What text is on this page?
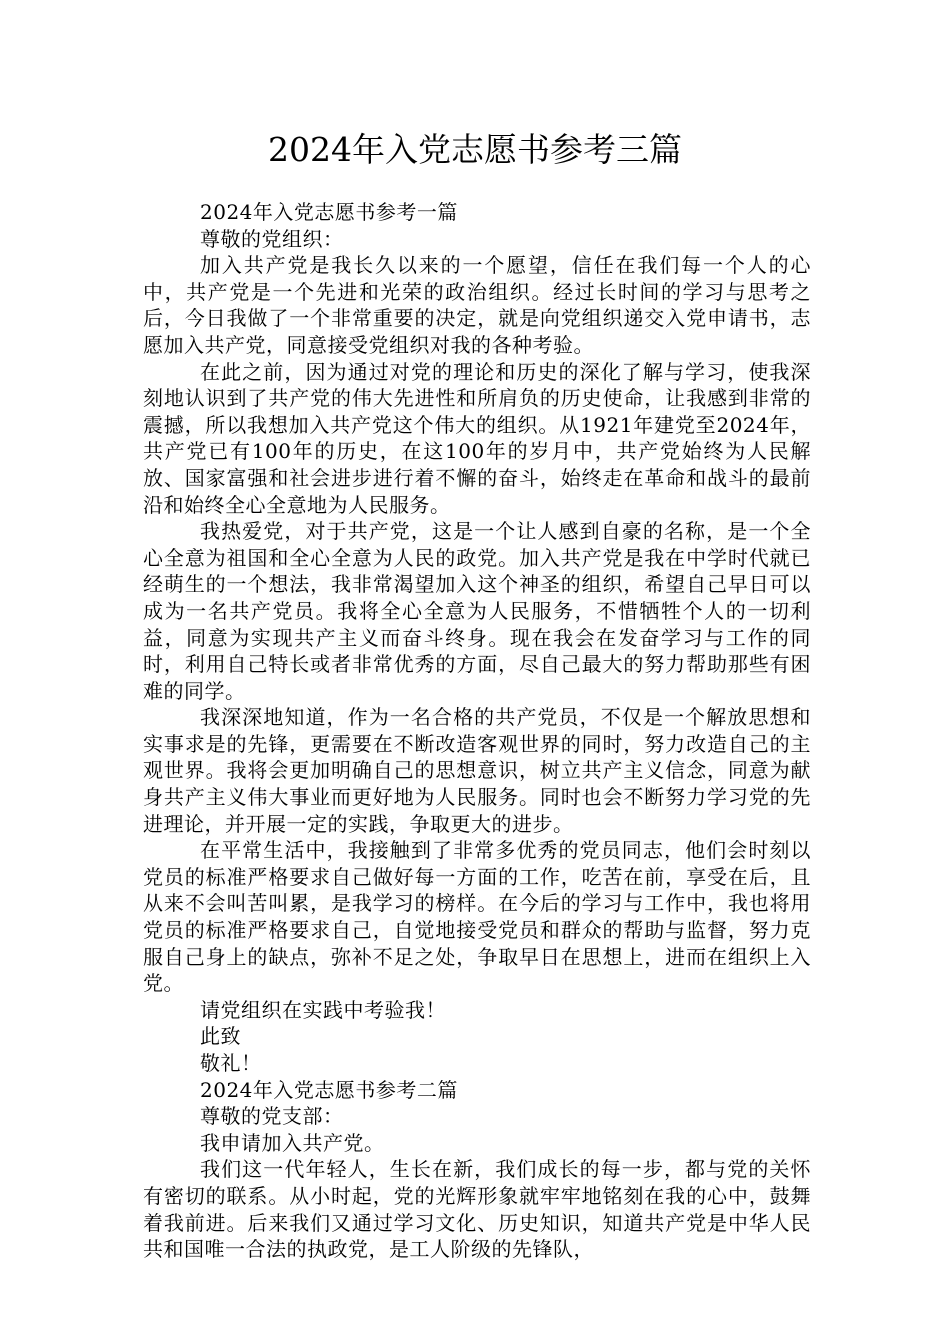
2024年入党志愿书参考三篇

2024年入党志愿书参考一篇

尊敬的党组织：

加入共产党是我长久以来的一个愿望，信任在我们每一个人的心中，共产党是一个先进和光荣的政治组织。经过长时间的学习与思考之后，今日我做了一个非常重要的决定，就是向党组织递交入党申请书，志愿加入共产党，同意接受党组织对我的各种考验。

在此之前，因为通过对党的理论和历史的深化了解与学习，使我深刻地认识到了共产党的伟大先进性和所肩负的历史使命，让我感到非常的震撼，所以我想加入共产党这个伟大的组织。从1921年建党至2024年，共产党已有100年的历史，在这100年的岁月中，共产党始终为人民解放、国家富强和社会进步进行着不懈的奋斗，始终走在革命和战斗的最前沿和始终全心全意地为人民服务。

我热爱党，对于共产党，这是一个让人感到自豪的名称，是一个全心全意为祖国和全心全意为人民的政党。加入共产党是我在中学时代就已经萌生的一个想法，我非常渴望加入这个神圣的组织，希望自己早日可以成为一名共产党员。我将全心全意为人民服务，不惜牺牲个人的一切利益，同意为实现共产主义而奋斗终身。现在我会在发奋学习与工作的同时，利用自己特长或者非常优秀的方面，尽自己最大的努力帮助那些有困难的同学。

我深深地知道，作为一名合格的共产党员，不仅是一个解放思想和实事求是的先锋，更需要在不断改造客观世界的同时，努力改造自己的主观世界。我将会更加明确自己的思想意识，树立共产主义信念，同意为献身共产主义伟大事业而更好地为人民服务。同时也会不断努力学习党的先进理论，并开展一定的实践，争取更大的进步。

在平常生活中，我接触到了非常多优秀的党员同志，他们会时刻以党员的标准严格要求自己做好每一方面的工作，吃苦在前，享受在后，且从来不会叫苦叫累，是我学习的榜样。在今后的学习与工作中，我也将用党员的标准严格要求自己，自觉地接受党员和群众的帮助与监督，努力克服自己身上的缺点，弥补不足之处，争取早日在思想上，进而在组织上入党。

请党组织在实践中考验我！

此致

敬礼！

2024年入党志愿书参考二篇

尊敬的党支部：

我申请加入共产党。

我们这一代年轻人，生长在新，我们成长的每一步，都与党的关怀有密切的联系。从小时起，党的光辉形象就牢牢地铭刻在我的心中，鼓舞着我前进。后来我们又通过学习文化、历史知识，知道共产党是中华人民共和国唯一合法的执政党，是工人阶级的先锋队，
